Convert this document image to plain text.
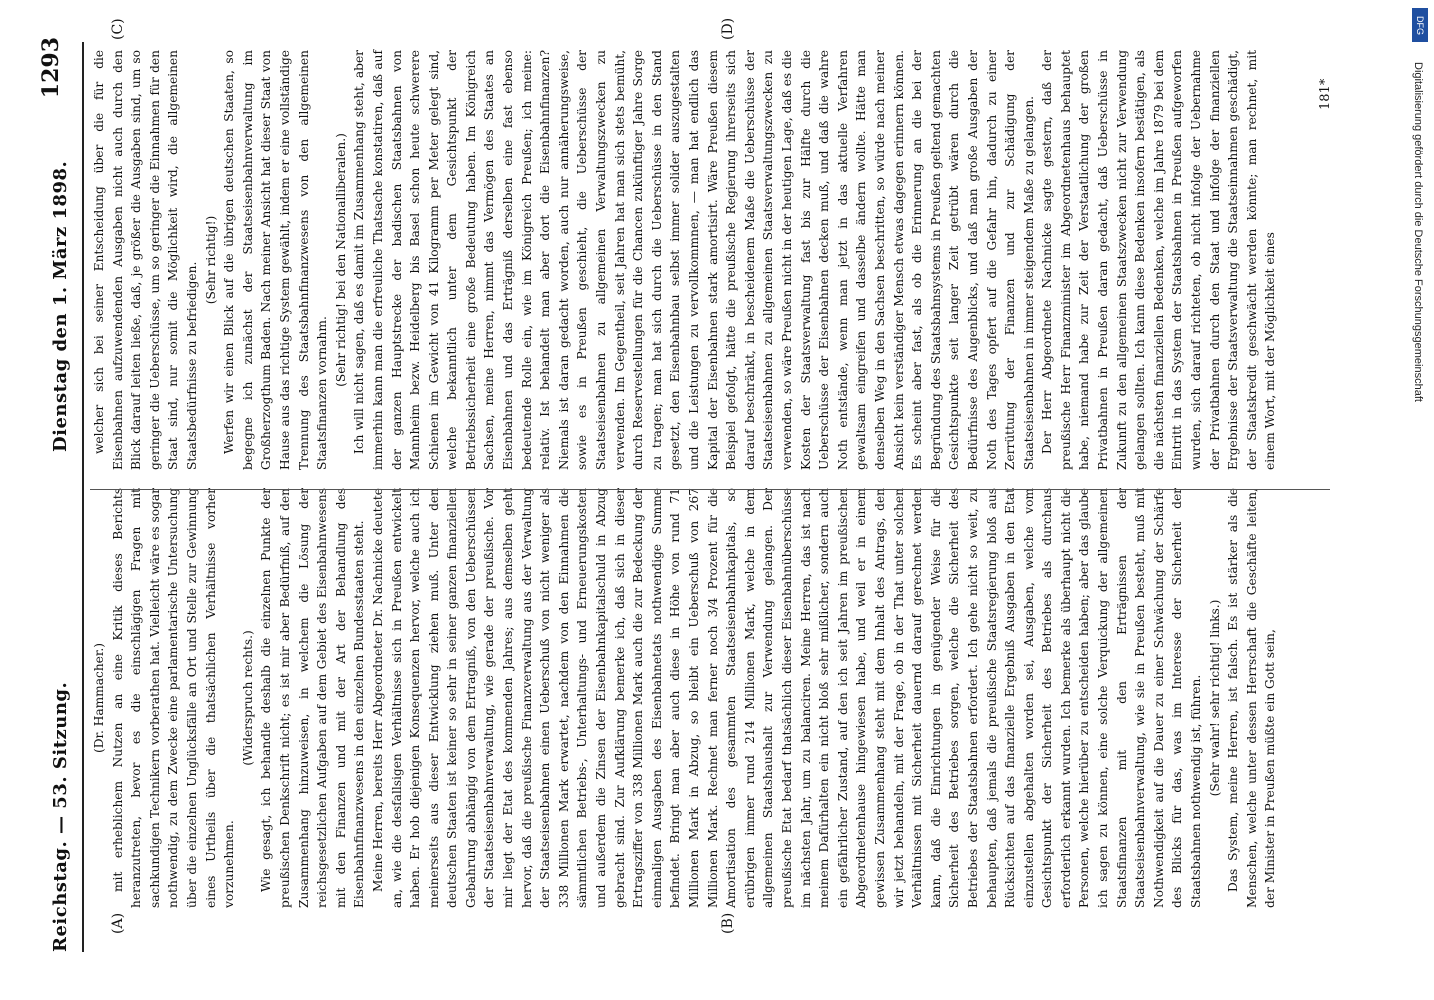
Reichstag. — 53. Sitzung.
Dienstag den 1. März 1898.
1293
(A)	(B)
(C)	(D)

(Dr. Hammacher.) mit erheblichem Nutzen an eine Kritik dieses Berichts heranzutreten, bevor es die einschlägigen Fragen mit sachkundigen Technikern vorberathen hat. Vielleicht wäre es sogar nothwendig, zu dem Zwecke eine parlamentarische Untersuchung über die einzelnen Unglücksfälle an Ort und Stelle zur Gewinnung eines Urtheils über die thatsächlichen Verhältnisse vorher vorzunehmen.

(Widerspruch rechts.) Wie gesagt, ich behandle deshalb die einzelnen Punkte der preußischen Denkschrift nicht; es ist mir aber Bedürfniß, auf den Zusammenhang hinzuweisen, in welchem die Lösung der reichsgesetzlichen Aufgaben auf dem Gebiet des Eisenbahnwesens mit den Finanzen und mit der Art der Behandlung des Eisenbahnfinanzwesens in den einzelnen Bundesstaaten steht. Meine Herren, bereits Herr Abgeordneter Dr. Nachnicke deutete an, wie die desfallsigen Verhältnisse sich in Preußen entwickelt haben. Er hob diejenigen Konsequenzen hervor, welche auch ich meinerseits aus dieser Entwicklung ziehen muß. Unter den deutschen Staaten ist keiner so sehr in seiner ganzen finanziellen Gebahrung abhängig von dem Ertragniß, von den Ueberschüssen der Staatseisenbahnverwaltung, wie gerade der preußische. Vor mir liegt der Etat des kommenden Jahres; aus demselben geht hervor, daß die preußische Finanzverwaltung aus der Verwaltung der Staatseisenbahnen einen Ueberschuß von nicht weniger als 338 Millionen Mark erwartet, nachdem von den Einnahmen die sämmtlichen Betriebs-, Unterhaltungs- und Erneuerungskosten und außerdem die Zinsen der Eisenbahnkapitalschuld in Abzug gebracht sind. Zur Aufklärung bemerke ich, daß sich in dieser Ertragsziffer von 338 Millionen Mark auch die zur Bedeckung der einmaligen Ausgaben des Eisenbahnetats nothwendige Summe befindet. Bringt man aber auch diese in Höhe von rund 71 Millionen Mark in Abzug, so bleibt ein Ueberschuß von 267 Millionen Mark. Rechnet man ferner noch 3/4 Prozent für die Amortisation des gesammten Staatseisenbahnkapitals, so erübrigen immer rund 214 Millionen Mark, welche in dem allgemeinen Staatshaushalt zur Verwendung gelangen. Der preußische Etat bedarf thatsächlich dieser Eisenbahnüberschüsse im nächsten Jahr, um zu balanciren. Meine Herren, das ist nach meinem Dafürhalten ein nicht bloß sehr mißlicher, sondern auch ein gefährlicher Zustand, auf den ich seit Jahren im preußischen Abgeordnetenhause hingewiesen habe, und weil er in einem gewissen Zusammenhang steht mit dem Inhalt des Antrags, den wir jetzt behandeln, mit der Frage, ob in der That unter solchen Verhältnissen mit Sicherheit dauernd darauf gerechnet werden kann, daß die Einrichtungen in genügender Weise für die Sicherheit des Betriebes sorgen, welche die Sicherheit des Betriebes der Staatsbahnen erfordert. Ich gehe nicht so weit, zu behaupten, daß jemals die preußische Staatsregierung bloß aus Rücksichten auf das finanzielle Ergebniß Ausgaben in den Etat einzustellen abgehalten worden sei, Ausgaben, welche vom Gesichtspunkt der Sicherheit des Betriebes als durchaus erforderlich erkannt wurden. Ich bemerke als überhaupt nicht die Personen, welche hierüber zu entscheiden haben; aber das glaube ich sagen zu können, eine solche Verquickung der allgemeinen Staatsfinanzen mit den Erträgnissen der Staatseisenbahnverwaltung, wie sie in Preußen besteht, muß mit Nothwendigkeit auf die Dauer zu einer Schwächung der Schärfe des Blicks für das, was im Interesse der Sicherheit der Staatsbahnen nothwendig ist, führen. (Sehr wahr! sehr richtig! links.) Das System, meine Herren, ist falsch. Es ist stärker als die Menschen, welche unter dessen Herrschaft die Geschäfte leiten, der Minister in Preußen müßte ein Gott sein,

welcher sich bei seiner Entscheidung über die für die Eisenbahnen aufzuwendenden Ausgaben nicht auch durch den Blick darauf leiten ließe, daß, je größer die Ausgaben sind, um so geringer die Ueberschüsse, um so geringer die Einnahmen für den Staat sind, nur somit die Möglichkeit wird, die allgemeinen Staatsbedürfnisse zu befriedigen.

(Sehr richtig!) Werfen wir einen Blick auf die übrigen deutschen Staaten, so begegne ich zunächst der Staatseisenbahnverwaltung im Großherzogthum Baden. Nach meiner Ansicht hat dieser Staat von Hause aus das richtige System gewählt, indem er eine vollständige Trennung des Staatsbahnfinanzwesens von den allgemeinen Staatsfinanzen vornahm.

(Sehr richtig! bei den Nationalliberalen.) Ich will nicht sagen, daß es damit im Zusammenhang steht, aber immerhin kann man die erfreuliche Thatsache konstatiren, daß auf der ganzen Hauptstrecke der badischen Staatsbahnen von Mannheim bezw. Heidelberg bis Basel schon heute schwerere Schienen im Gewicht von 41 Kilogramm per Meter gelegt sind, welche bekanntlich unter dem Gesichtspunkt der Betriebssicherheit eine große Bedeutung haben. Im Königreich Sachsen, meine Herren, nimmt das Vermögen des Staates an Eisenbahnen und das Erträgniß derselben eine fast ebenso bedeutende Rolle ein, wie im Königreich Preußen; ich meine: relativ. Ist behandelt man aber dort die Eisenbahnfinanzen? Niemals ist daran gedacht worden, auch nur annäherungsweise, sowie es in Preußen geschieht, die Ueberschüsse der Staatseisenbahnen zu allgemeinen Verwaltungszwecken zu verwenden. Im Gegentheil, seit Jahren hat man sich stets bemüht, durch Reservestellungen für die Chancen zukünftiger Jahre Sorge zu tragen; man hat sich durch die Ueberschüsse in den Stand gesetzt, den Eisenbahnbau selbst immer solider auszugestalten und die Leistungen zu vervollkommnen, — man hat endlich das Kapital der Eisenbahnen stark amortisirt. Wäre Preußen diesem Beispiel gefolgt, hätte die preußische Regierung ihrerseits sich darauf beschränkt, in bescheidenem Maße die Ueberschüsse der Staatseisenbahnen zu allgemeinen Staatsverwaltungszwecken zu verwenden, so wäre Preußen nicht in der heutigen Lage, daß es die Kosten der Staatsverwaltung fast bis zur Hälfte durch die Ueberschüsse der Eisenbahnen decken muß, und daß die wahre Noth entstände, wenn man jetzt in das aktuelle Verfahren gewaltsam eingreifen und dasselbe ändern wollte. Hätte man denselben Weg in den Sachsen beschritten, so würde nach meiner Ansicht kein verständiger Mensch etwas dagegen erinnern können. Es scheint aber fast, als ob die Erinnerung an die bei der Begründung des Staatsbahnsystems in Preußen geltend gemachten Gesichtspunkte seit langer Zeit getrübt wären durch die Bedürfnisse des Augenblicks, und daß man große Ausgaben der Noth des Tages opfert auf die Gefahr hin, dadurch zu einer Zerrüttung der Finanzen und zur Schädigung der Staatseisenbahnen in immer steigendem Maße zu gelangen. Der Herr Abgeordnete Nachnicke sagte gestern, daß der preußische Herr Finanzminister im Abgeordnetenhaus behauptet habe, niemand habe zur Zeit der Verstaatlichung der großen Privatbahnen in Preußen daran gedacht, daß Ueberschüsse in Zukunft zu den allgemeinen Staatszwecken nicht zur Verwendung gelangen sollten. Ich kann diese Bedenken insofern bestätigen, als die nächsten finanziellen Bedenken, welche im Jahre 1879 bei dem Eintritt in das System der Staatsbahnen in Preußen aufgeworfen wurden, sich darauf richteten, ob nicht infolge der Uebernahme der Privatbahnen durch den Staat und infolge der finanziellen Ergebnisse der Staatsverwaltung die Staatseinnahmen geschädigt, der Staatskredit geschwächt werden könnte; man rechnet, mit einem Wort, mit der Möglichkeit eines

181*
DFG
Digitalisierung gefördert durch die Deutsche Forschungsgemeinschaft
